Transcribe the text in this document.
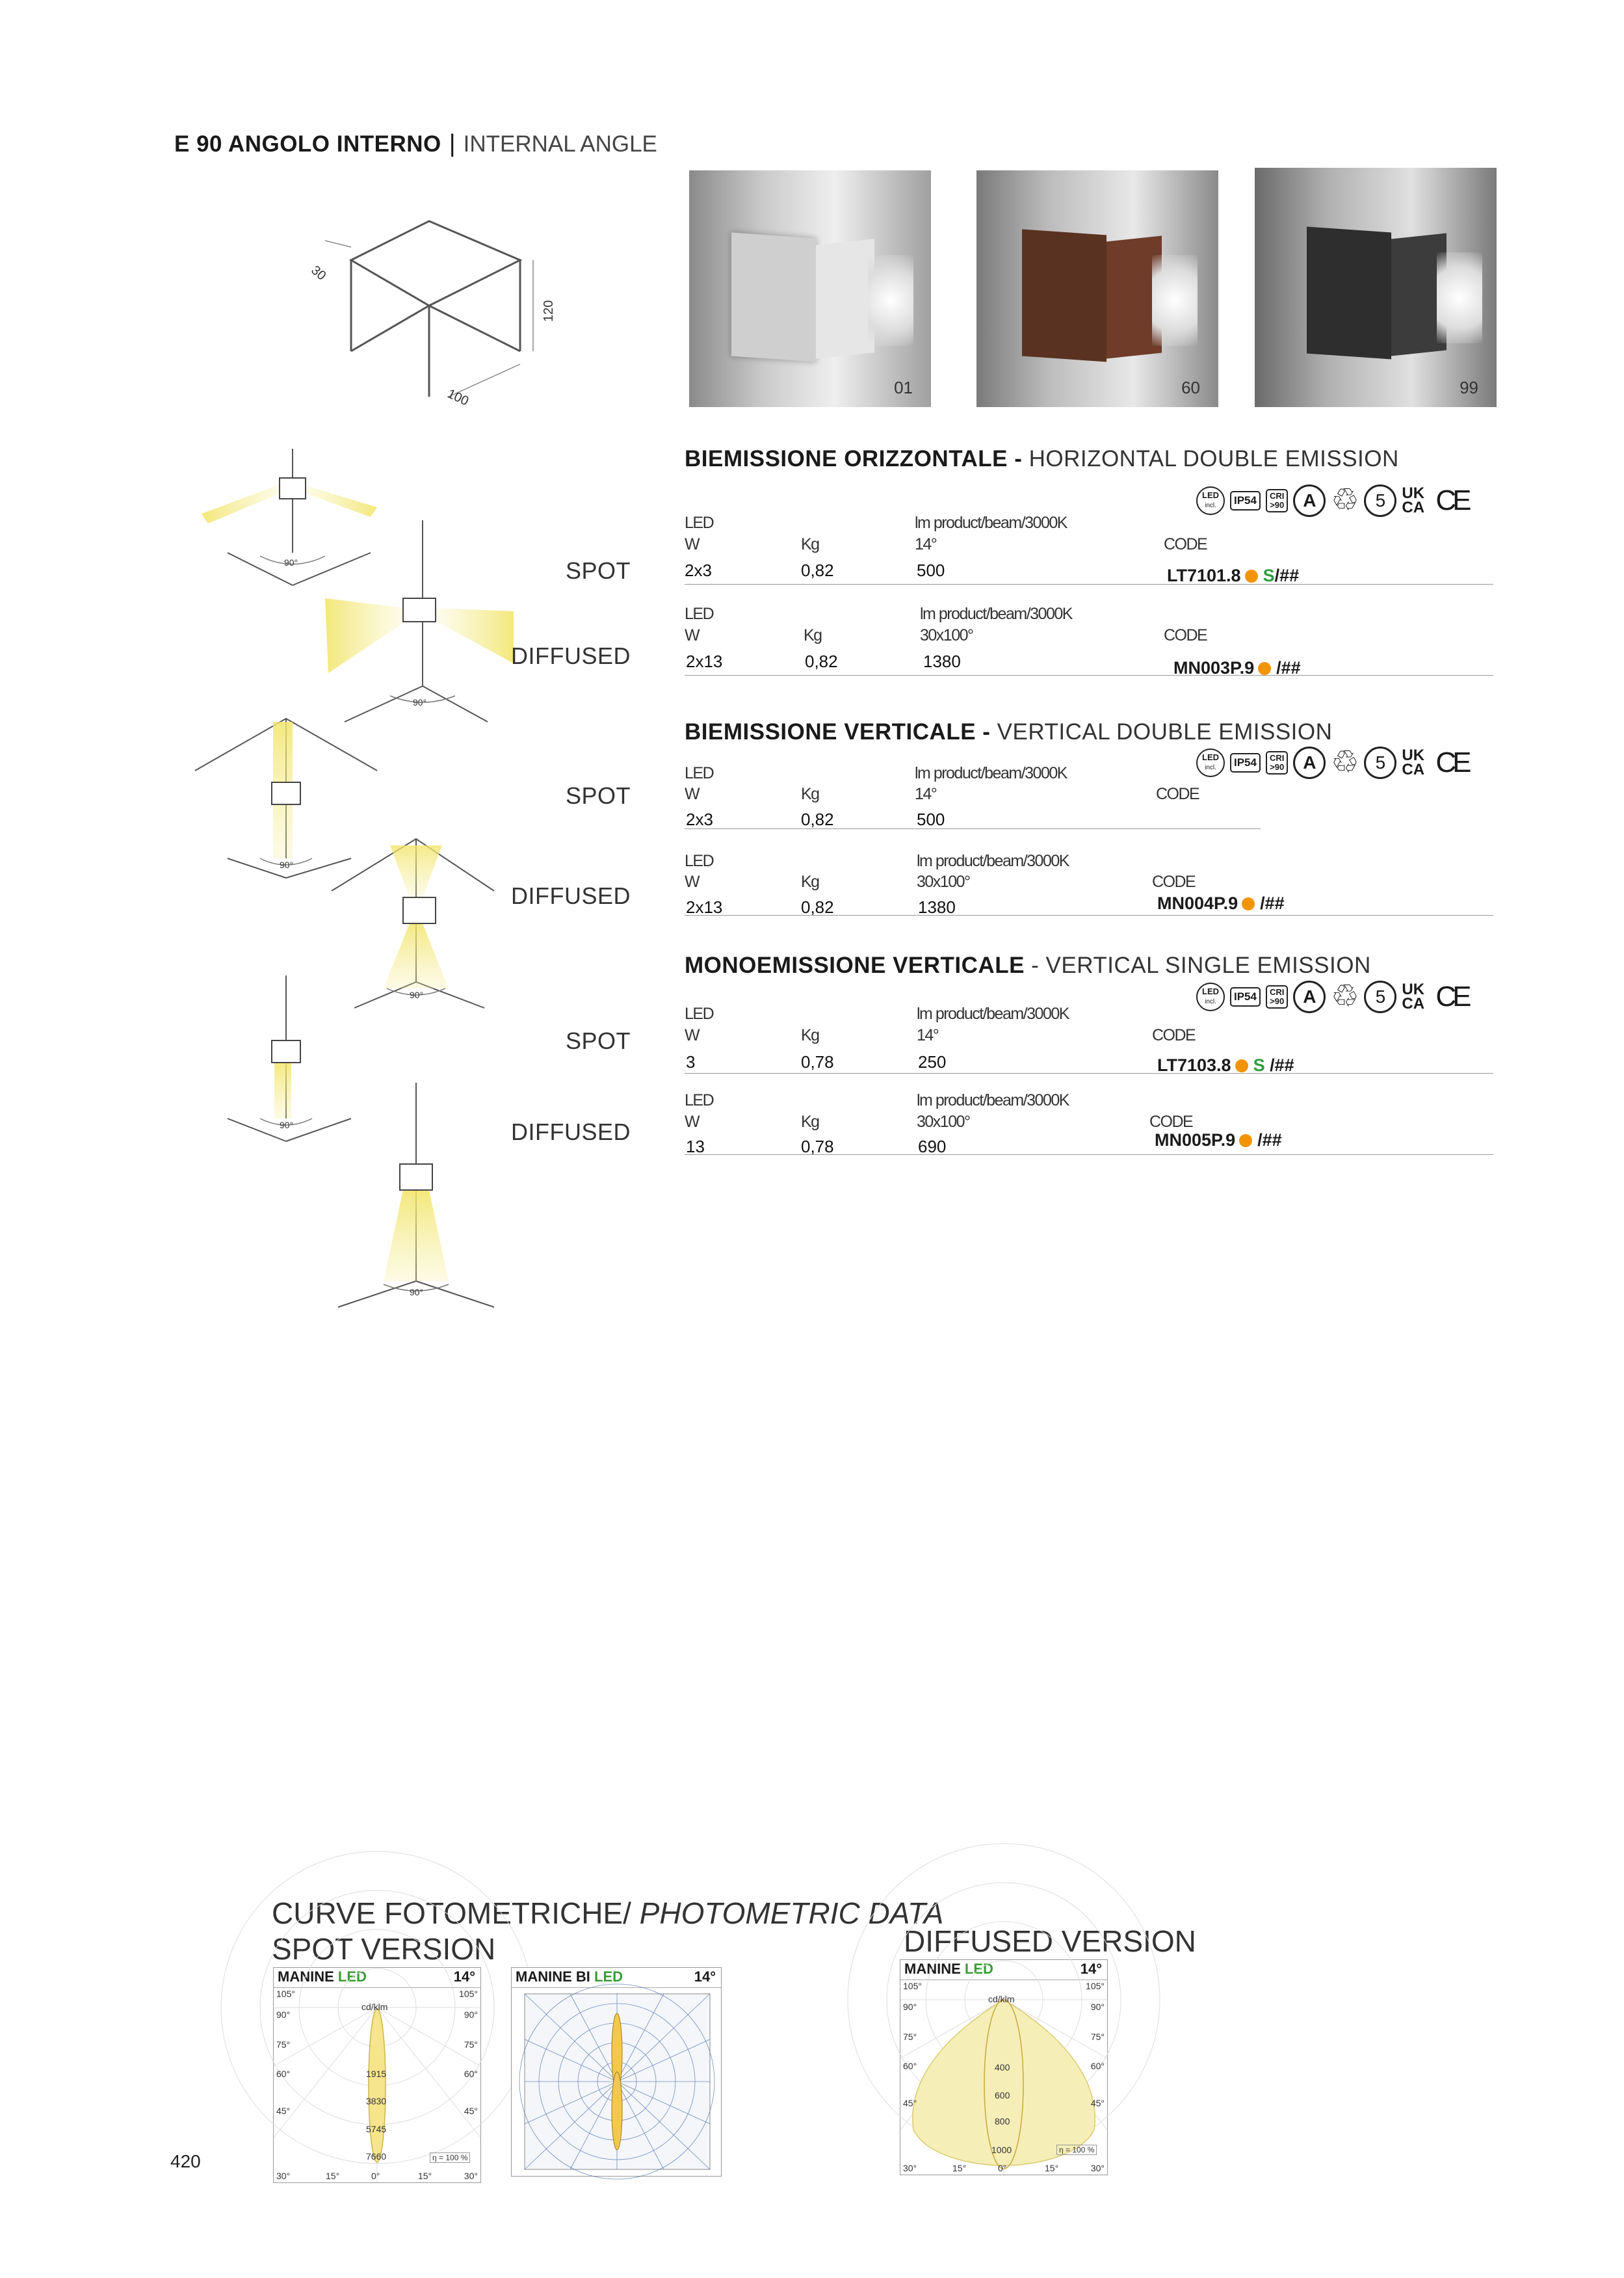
E 90 ANGOLO INTERNO | INTERNAL ANGLE
30
100
120
01	60	99
90°
90°
90°
90°
90°
90°
SPOT
DIFFUSED
SPOT
DIFFUSED
SPOT
DIFFUSED
BIEMISSIONE ORIZZONTALE - HORIZONTAL DOUBLE EMISSION
LED
incl.	IP54	CRI
>90	A ♲ 5	UK
CA CE
LED
W	Kg
lm product/beam/3000K
14°	CODE
2x3	0,82	500	LT7101.8 S/##
LED
W	Kg
lm product/beam/3000K
30x100°	CODE
2x13	0,82	1380	MN003P.9 /##
BIEMISSIONE VERTICALE - VERTICAL DOUBLE EMISSION
LED
incl.	IP54	CRI
>90	A ♲ 5	UK
CA CE
LED
W	Kg
lm product/beam/3000K
14°	CODE
2x3	0,82	500
LED
W	Kg
lm product/beam/3000K
30x100°	CODE
2x13	0,82	1380	MN004P.9 /##
MONOEMISSIONE VERTICALE - VERTICAL SINGLE EMISSION
LED
incl.	IP54	CRI
>90	A ♲ 5	UK
CA CE
LED
W	Kg
lm product/beam/3000K
14°	CODE
3	0,78	250	LT7103.8 S /##
LED
W	Kg
lm product/beam/3000K
30x100°	CODE
13	0,78	690	MN005P.9 /##
CURVE FOTOMETRICHE/ PHOTOMETRIC DATA
SPOT VERSION	DIFFUSED VERSION
MANINE LED	14°
105°
90°
75°
60°
45°
105°
90°
75°
60°
45°
cd/klm
1915
3830
5745
7660	η = 100 %
30°	15°	0°	15°	30°
MANINE BI LED	14°	MANINE LED	14°
105°
90°
75°
60°
45°
105°
90°
75°
60°
45°
cd/klm
400
600
800
1000	η = 100 %
30°	15°	0°	15°	30°
420
